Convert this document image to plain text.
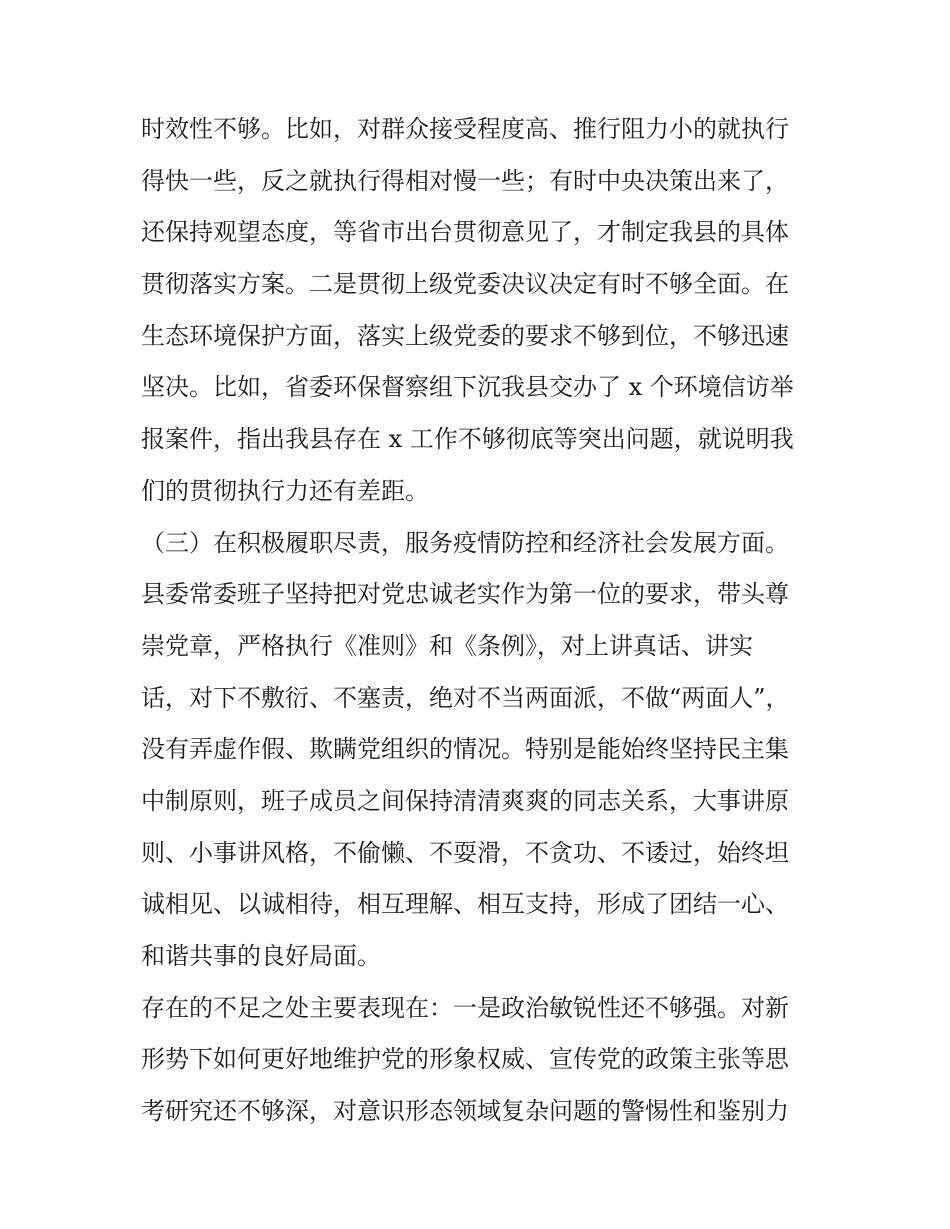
时效性不够。比如，对群众接受程度高、推行阻力小的就执行
得快一些，反之就执行得相对慢一些；有时中央决策出来了，
还保持观望态度，等省市出台贯彻意见了，才制定我县的具体
贯彻落实方案。二是贯彻上级党委决议决定有时不够全面。在
生态环境保护方面，落实上级党委的要求不够到位，不够迅速
坚决。比如，省委环保督察组下沉我县交办了 x 个环境信访举
报案件，指出我县存在 x 工作不够彻底等突出问题，就说明我
们的贯彻执行力还有差距。
（三）在积极履职尽责，服务疫情防控和经济社会发展方面。
县委常委班子坚持把对党忠诚老实作为第一位的要求，带头尊
崇党章，严格执行《准则》和《条例》，对上讲真话、讲实
话，对下不敷衍、不塞责，绝对不当两面派，不做“两面人”，
没有弄虚作假、欺瞒党组织的情况。特别是能始终坚持民主集
中制原则，班子成员之间保持清清爽爽的同志关系，大事讲原
则、小事讲风格，不偷懒、不耍滑，不贪功、不诿过，始终坦
诚相见、以诚相待，相互理解、相互支持，形成了团结一心、
和谐共事的良好局面。
存在的不足之处主要表现在：一是政治敏锐性还不够强。对新
形势下如何更好地维护党的形象权威、宣传党的政策主张等思
考研究还不够深，对意识形态领域复杂问题的警惕性和鉴别力
